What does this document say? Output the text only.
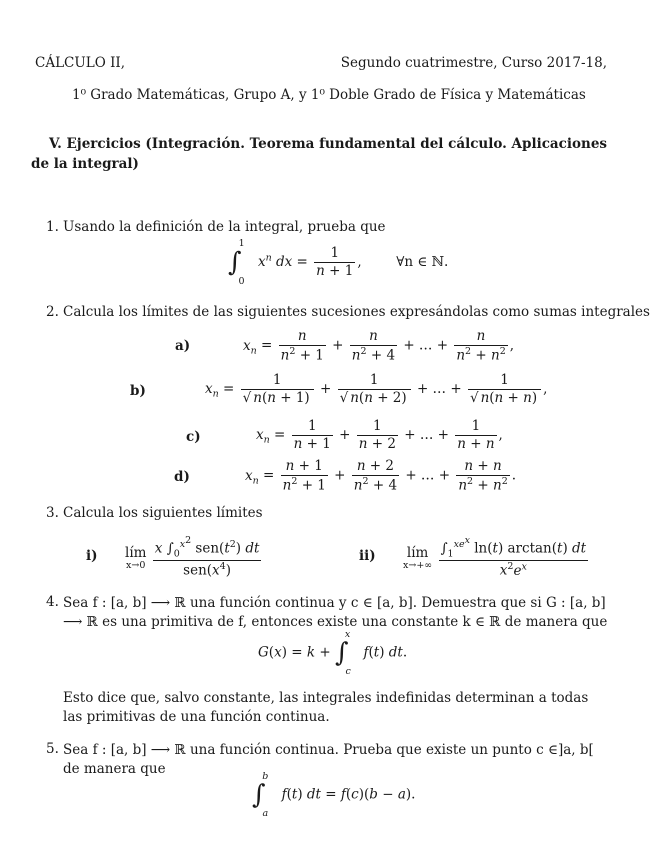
CÁLCULO II,	Segundo cuatrimestre, Curso 2017-18,
1⁰ Grado Matemáticas, Grupo A, y 1⁰ Doble Grado de Física y Matemáticas
V. Ejercicios (Integración. Teorema fundamental del cálculo. Aplicaciones
de la integral)
1. Usando la definición de la integral, prueba que
$\int_0^1$ $x^n$ dx = $\frac{1}{n + 1}$ ,  ∀n ∈ ℕ.
2. Calcula los límites de las siguientes sucesiones expresándolas como sumas integrales
a)	$x_n = \frac{n}{n^2 + 1} + \frac{n}{n^2 + 4}$ + … + $\frac{n}{n^2 + n^2}$ ,
b)	$x_n = \frac{1}{√ n(n + 1)} + \frac{1}{√ n(n + 2)}$ + … + $\frac{1}{√ n(n + n)}$ ,
c)	$x_n = \frac{1}{n + 1} + \frac{1}{n + 2}$ + … + $\frac{1}{n + n}$ ,
d)	$x_n = \frac{n + 1}{n^2 + 1} + \frac{n + 2}{n^2 + 4}$ + … + $\frac{n + n}{n^2 + n^2}$ .
3. Calcula los siguientes límites
i) lím
x→0
$\frac{x \int_0^{x^2} sen(t^2) dt}{sen(x^4)}$	ii) lím
x→+∞
$\frac{\int_1^{xe^x} \ln(t) \arctan(t) dt}{x^2e^x}$
4. Sea f : [a, b] ⟶ ℝ una función continua y c ∈ [a, b]. Demuestra que si G : [a, b] ⟶ ℝ es una primitiva de f, entonces existe una constante k ∈ ℝ de manera que
$G(x) = k + \int_c^x$ f(t) dt.
Esto dice que, salvo constante, las integrales indefinidas determinan a todas las primitivas de una función continua.
5. Sea f : [a, b] ⟶ ℝ una función continua. Prueba que existe un punto c ∈]a, b[ de manera que
$\int_a^b$ f(t) dt = f(c)(b − a).
